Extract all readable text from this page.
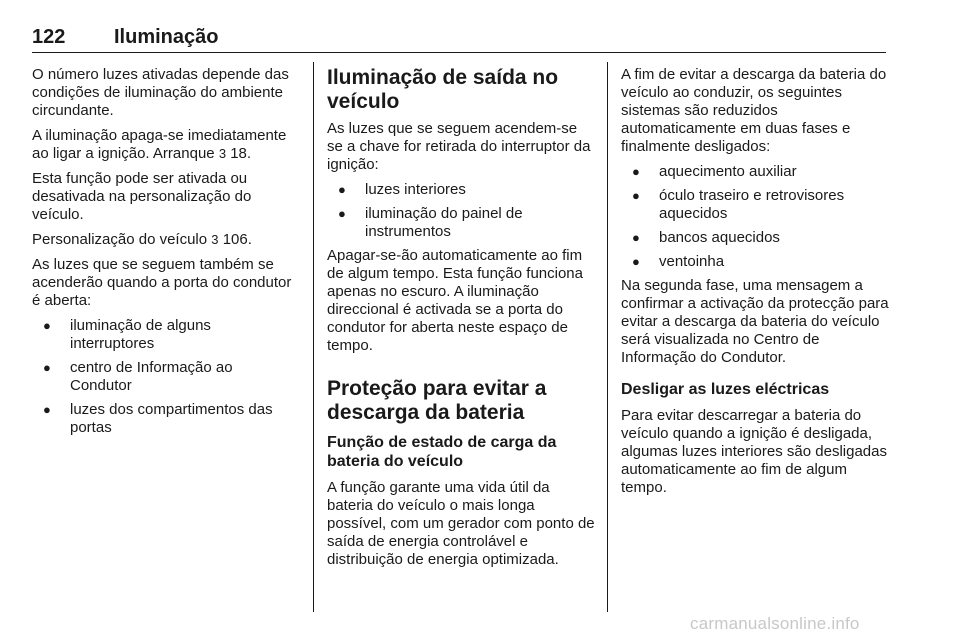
122 Iluminação

O número luzes ativadas depende das condições de iluminação do ambiente circundante.

A iluminação apaga-se imediatamente ao ligar a ignição. Arranque 3 18.

Esta função pode ser ativada ou desativada na personalização do veículo.

Personalização do veículo 3 106.

As luzes que se seguem também se acenderão quando a porta do condutor é aberta:

● iluminação de alguns interruptores
● centro de Informação ao Condutor
● luzes dos compartimentos das portas
Iluminação de saída no veículo

As luzes que se seguem acendem-se se a chave for retirada do interruptor da ignição:

● luzes interiores
● iluminação do painel de instrumentos

Apagar-se-ão automaticamente ao fim de algum tempo. Esta função funciona apenas no escuro. A iluminação direccional é activada se a porta do condutor for aberta neste espaço de tempo.

Proteção para evitar a descarga da bateria
Função de estado de carga da bateria do veículo

A função garante uma vida útil da bateria do veículo o mais longa possível, com um gerador com ponto de saída de energia controlável e distribuição de energia optimizada.

A fim de evitar a descarga da bateria do veículo ao conduzir, os seguintes sistemas são reduzidos automaticamente em duas fases e finalmente desligados:

● aquecimento auxiliar
● óculo traseiro e retrovisores aquecidos
● bancos aquecidos
● ventoinha

Na segunda fase, uma mensagem a confirmar a activação da protecção para evitar a descarga da bateria do veículo será visualizada no Centro de Informação do Condutor.

Desligar as luzes eléctricas

Para evitar descarregar a bateria do veículo quando a ignição é desligada, algumas luzes interiores são desligadas automaticamente ao fim de algum tempo.

carmanualsonline.info
